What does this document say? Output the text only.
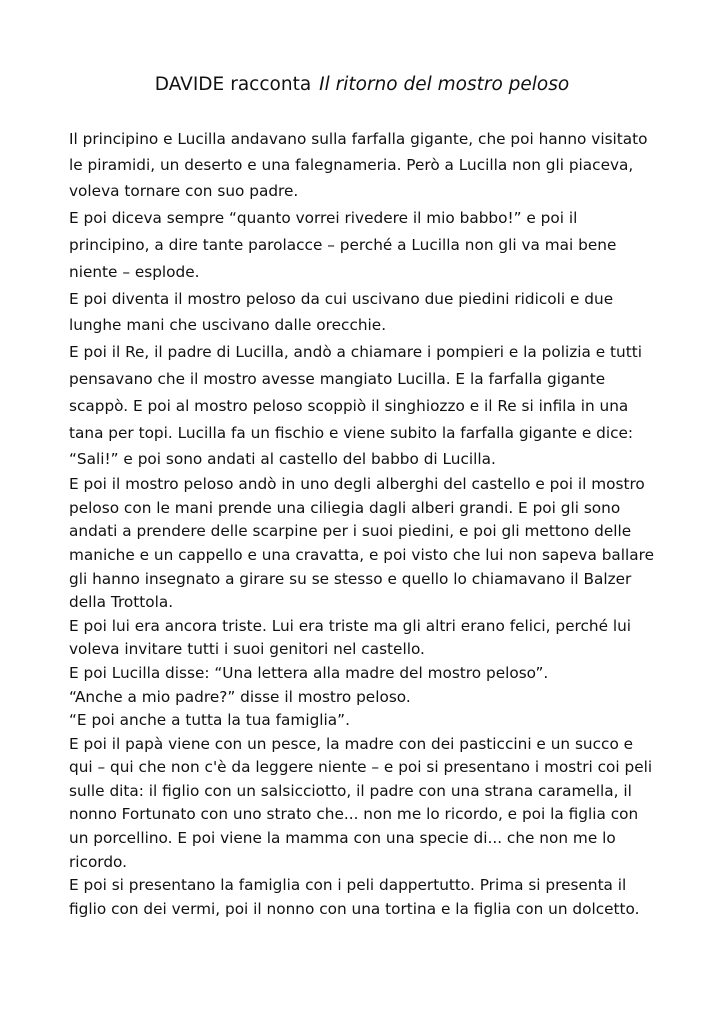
DAVIDE racconta Il ritorno del mostro peloso
Il principino e Lucilla andavano sulla farfalla gigante, che poi hanno visitato
le piramidi, un deserto e una falegnameria. Però a Lucilla non gli piaceva,
voleva tornare con suo padre.
E poi diceva sempre “quanto vorrei rivedere il mio babbo!” e poi il
principino, a dire tante parolacce – perché a Lucilla non gli va mai bene
niente – esplode.
E poi diventa il mostro peloso da cui uscivano due piedini ridicoli e due
lunghe mani che uscivano dalle orecchie.
E poi il Re, il padre di Lucilla, andò a chiamare i pompieri e la polizia e tutti
pensavano che il mostro avesse mangiato Lucilla. E la farfalla gigante
scappò. E poi al mostro peloso scoppiò il singhiozzo e il Re si infila in una
tana per topi. Lucilla fa un fischio e viene subito la farfalla gigante e dice:
“Sali!” e poi sono andati al castello del babbo di Lucilla.
E poi il mostro peloso andò in uno degli alberghi del castello e poi il mostro
peloso con le mani prende una ciliegia dagli alberi grandi. E poi gli sono
andati a prendere delle scarpine per i suoi piedini, e poi gli mettono delle
maniche e un cappello e una cravatta, e poi visto che lui non sapeva ballare
gli hanno insegnato a girare su se stesso e quello lo chiamavano il Balzer
della Trottola.
E poi lui era ancora triste. Lui era triste ma gli altri erano felici, perché lui
voleva invitare tutti i suoi genitori nel castello.
E poi Lucilla disse: “Una lettera alla madre del mostro peloso”.
“Anche a mio padre?” disse il mostro peloso.
“E poi anche a tutta la tua famiglia”.
E poi il papà viene con un pesce, la madre con dei pasticcini e un succo e
qui – qui che non c'è da leggere niente – e poi si presentano i mostri coi peli
sulle dita: il figlio con un salsicciotto, il padre con una strana caramella, il
nonno Fortunato con uno strato che... non me lo ricordo, e poi la figlia con
un porcellino. E poi viene la mamma con una specie di... che non me lo
ricordo.
E poi si presentano la famiglia con i peli dappertutto. Prima si presenta il
figlio con dei vermi, poi il nonno con una tortina e la figlia con un dolcetto.
